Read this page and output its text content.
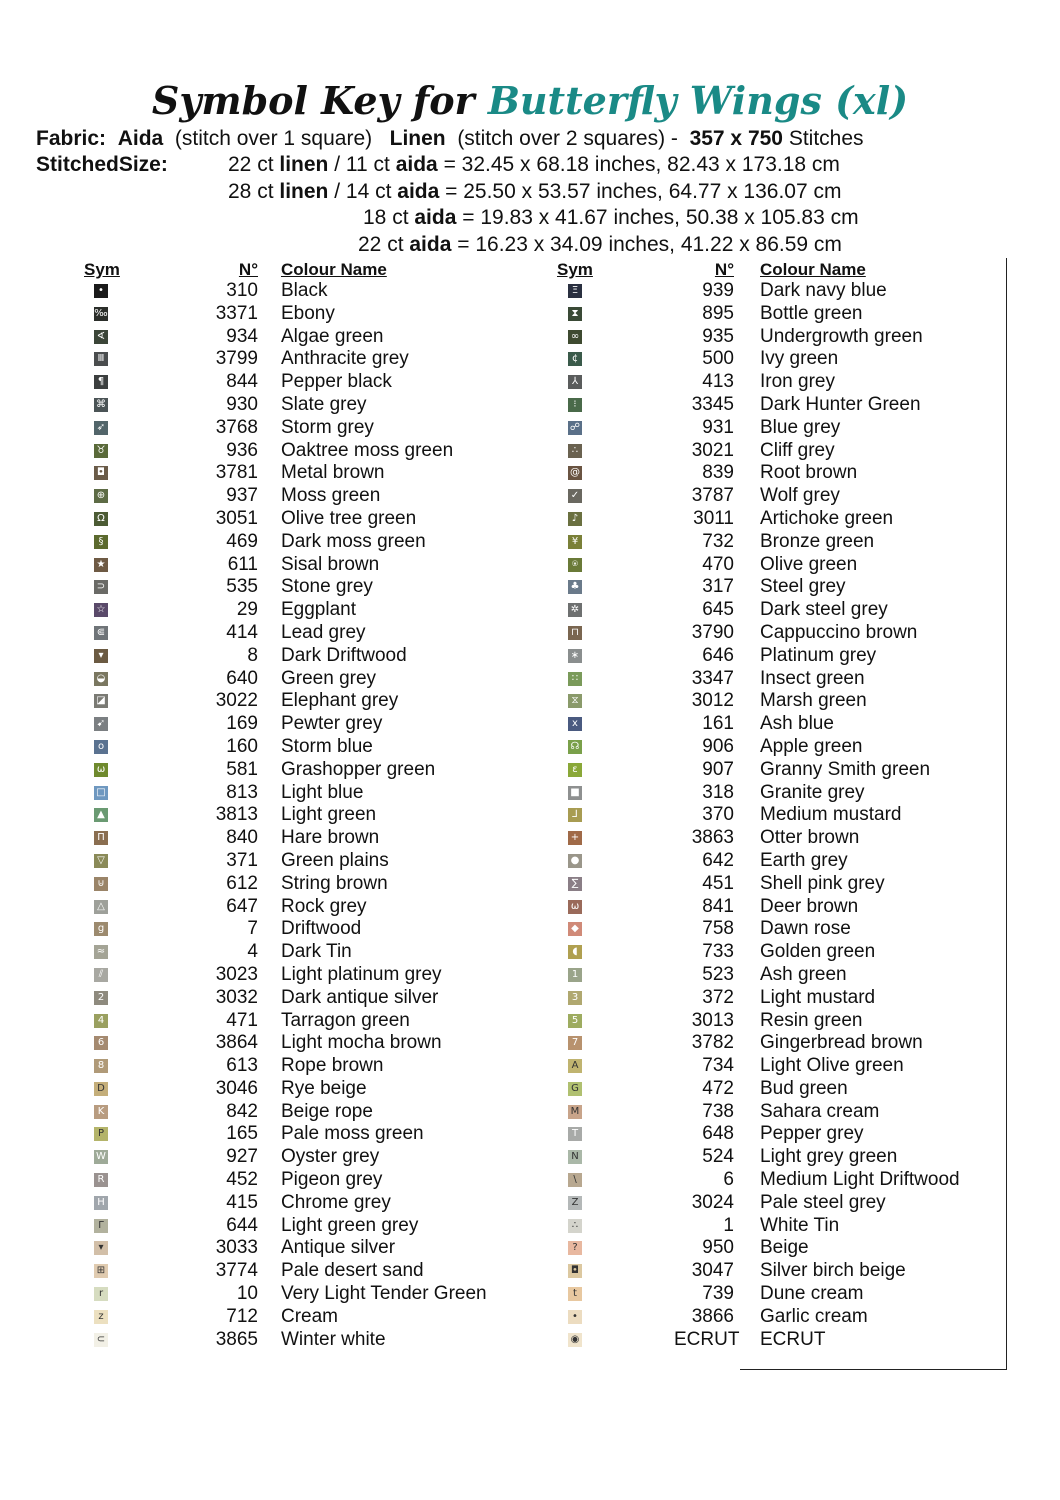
Symbol Key for Butterfly Wings (xl)
Fabric: Aida (stitch over 1 square) Linen (stitch over 2 squares) - 357 x 750 Stitches
StitchedSize:	22 ct linen / 11 ct aida = 32.45 x 68.18 inches, 82.43 x 173.18 cm
28 ct linen / 14 ct aida = 25.50 x 53.57 inches, 64.77 x 136.07 cm
18 ct aida = 19.83 x 41.67 inches, 50.38 x 105.83 cm
22 ct aida = 16.23 x 34.09 inches, 41.22 x 86.59 cm
Sym	N° Colour Name	Sym	N° Colour Name
•	310 Black
‰	3371 Ebony
∢	934 Algae green
Ⅲ	3799 Anthracite grey
¶	844 Pepper black
⌘	930 Slate grey
➶	3768 Storm grey
♉	936 Oaktree moss green
◘	3781 Metal brown
⊕	937 Moss green
Ω	3051 Olive tree green
§	469 Dark moss green
★	611 Sisal brown
⊃	535 Stone grey
☆	29 Eggplant
⋐	414 Lead grey
▾	8 Dark Driftwood
◒	640 Green grey
◪	3022 Elephant grey
➹	169 Pewter grey
o	160 Storm blue
ω	581 Grashopper green
□	813 Light blue
▲	3813 Light green
Π	840 Hare brown
▽	371 Green plains
⊍	612 String brown
△	647 Rock grey
g	7 Driftwood
≈	4 Dark Tin
⫽	3023 Light platinum grey
2	3032 Dark antique silver
4	471 Tarragon green
6	3864 Light mocha brown
8	613 Rope brown
D	3046 Rye beige
K	842 Beige rope
P	165 Pale moss green
W	927 Oyster grey
R	452 Pigeon grey
H	415 Chrome grey
Γ	644 Light green grey
▾	3033 Antique silver
⊞	3774 Pale desert sand
r	10 Very Light Tender Green
z	712 Cream
⊂	3865 Winter white
Ξ	939 Dark navy blue
⧗	895 Bottle green
∞	935 Undergrowth green
¢	500 Ivy green
⅄	413 Iron grey
⁝	3345 Dark Hunter Green
☍	931 Blue grey
∴	3021 Cliff grey
@	839 Root brown
✓	3787 Wolf grey
♪	3011 Artichoke green
¥	732 Bronze green
⍟	470 Olive green
♣	317 Steel grey
✲	645 Dark steel grey
⊓	3790 Cappuccino brown
∗	646 Platinum grey
∷	3347 Insect green
⧖	3012 Marsh green
x	161 Ash blue
☊	906 Apple green
ε	907 Granny Smith green
■	318 Granite grey
⅃	370 Medium mustard
+	3863 Otter brown
●	642 Earth grey
∑	451 Shell pink grey
ω	841 Deer brown
◆	758 Dawn rose
◖	733 Golden green
1	523 Ash green
3	372 Light mustard
5	3013 Resin green
7	3782 Gingerbread brown
A	734 Light Olive green
G	472 Bud green
M	738 Sahara cream
T	648 Pepper grey
N	524 Light grey green
\	6 Medium Light Driftwood
Z	3024 Pale steel grey
∴	1 White Tin
?	950 Beige
◘	3047 Silver birch beige
t	739 Dune cream
•	3866 Garlic cream
◉	ECRUT ECRUT
